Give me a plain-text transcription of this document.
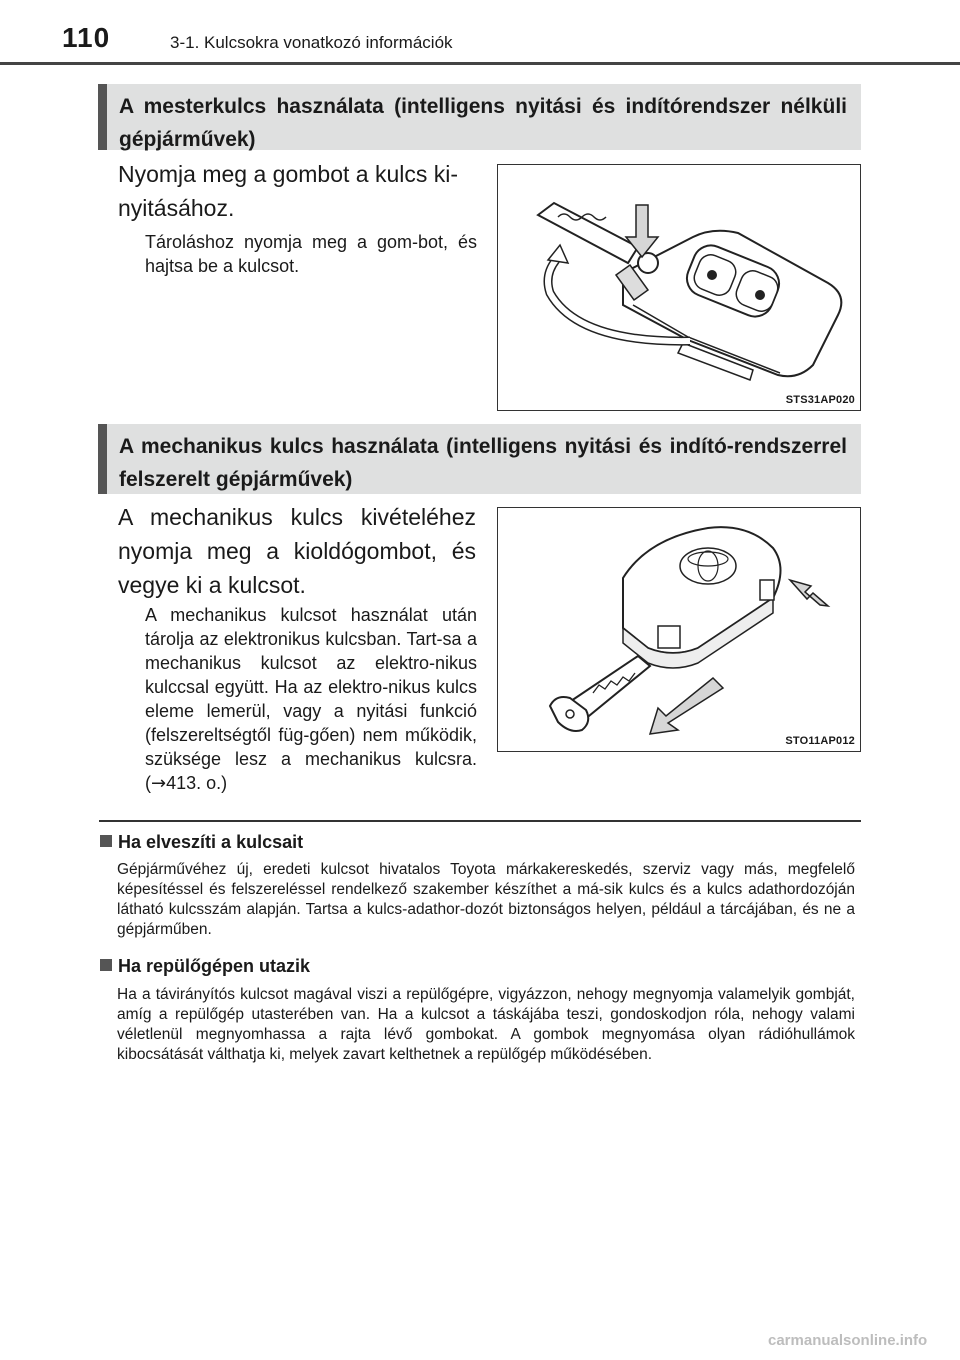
110	3-1. Kulcsokra vonatkozó információk
A mesterkulcs használata (intelligens nyitási és indítórendszer nélküli gépjárművek)
Nyomja meg a gombot a kulcs ki-nyitásához.
Tároláshoz nyomja meg a gom-bot, és hajtsa be a kulcsot.
STS31AP020
A mechanikus kulcs használata (intelligens nyitási és indító-rendszerrel felszerelt gépjárművek)
A mechanikus kulcs kivételéhez nyomja meg a kioldógombot, és vegye ki a kulcsot.
A mechanikus kulcsot használat után tárolja az elektronikus kulcsban. Tart-sa a mechanikus kulcsot az elektro-nikus kulccsal együtt. Ha az elektro-nikus kulcs eleme lemerül, vagy a nyitási funkció (felszereltségtől füg-gően) nem működik, szüksége lesz a mechanikus kulcsra. (→413. o.)
STO11AP012
Ha elveszíti a kulcsait
Gépjárművéhez új, eredeti kulcsot hivatalos Toyota márkakereskedés, szerviz vagy más, megfelelő képesítéssel és felszereléssel rendelkező szakember készíthet a má-sik kulcs és a kulcs adathordozóján látható kulcsszám alapján. Tartsa a kulcs-adathor-dozót biztonságos helyen, például a tárcájában, és ne a gépjárműben.
Ha repülőgépen utazik
Ha a távirányítós kulcsot magával viszi a repülőgépre, vigyázzon, nehogy megnyomja valamelyik gombját, amíg a repülőgép utasterében van. Ha a kulcsot a táskájába teszi, gondoskodjon róla, nehogy valami véletlenül megnyomhassa a rajta lévő gombokat. A gombok megnyomása olyan rádióhullámok kibocsátását válthatja ki, melyek zavart kelthetnek a repülőgép működésében.
carmanualsonline.info
